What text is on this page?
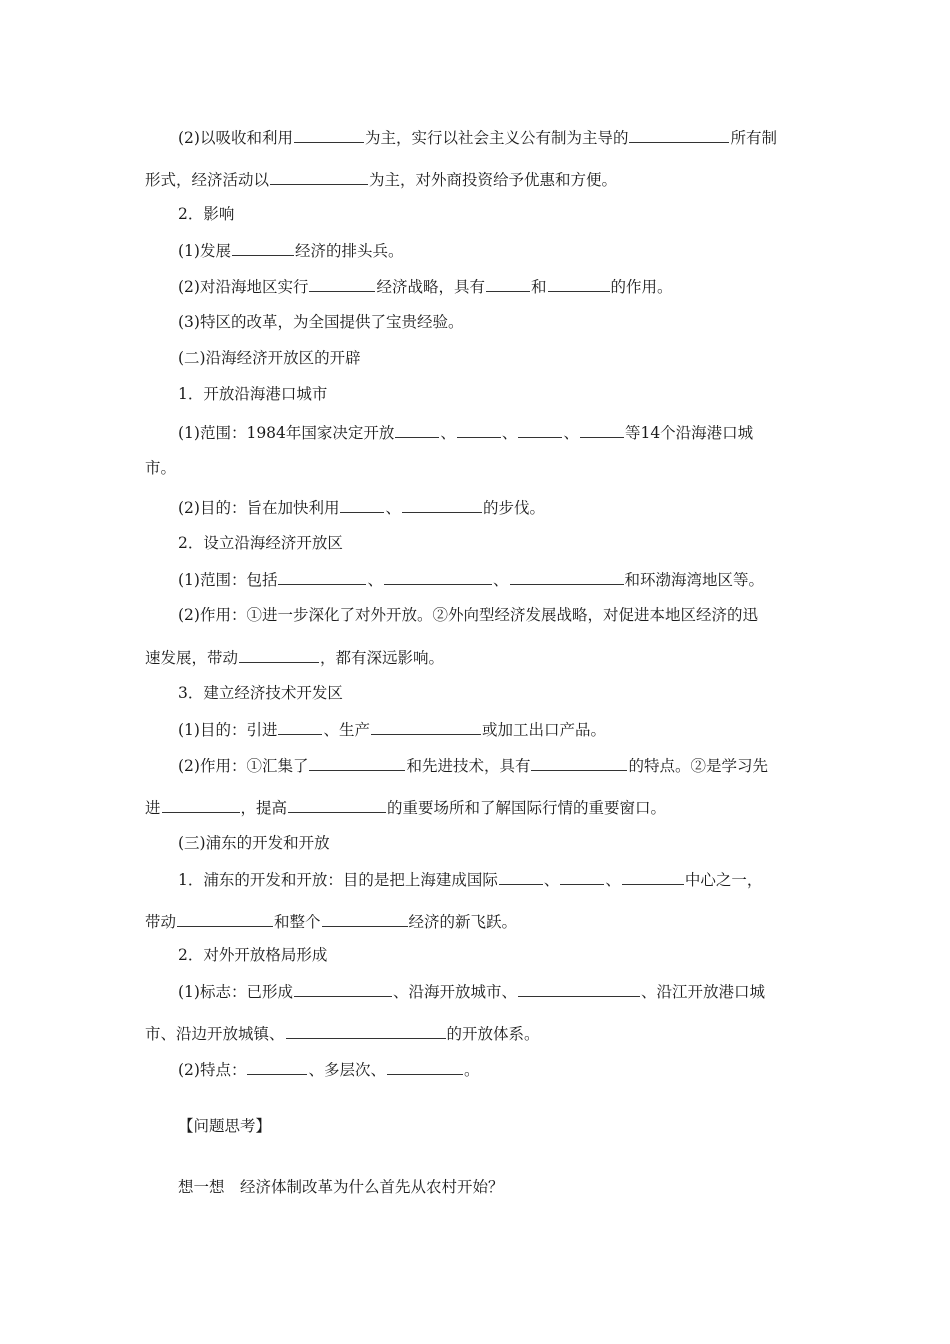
(2)以吸收和利用	为主，实行以社会主义公有制为主导的	所有制
形式，经济活动以	为主，对外商投资给予优惠和方便。
2．影响
(1)发展	经济的排头兵。
(2)对沿海地区实行	经济战略，具有	和	的作用。
(3)特区的改革，为全国提供了宝贵经验。
(二)沿海经济开放区的开辟
1．开放沿海港口城市
(1)范围：1984年国家决定开放	、	、	、	等14个沿海港口城
市。
(2)目的：旨在加快利用	、	的步伐。
2．设立沿海经济开放区
(1)范围：包括	、	、	和环渤海湾地区等。
(2)作用：①进一步深化了对外开放。②外向型经济发展战略，对促进本地区经济的迅
速发展，带动	，都有深远影响。
3．建立经济技术开发区
(1)目的：引进	、生产	或加工出口产品。
(2)作用：①汇集了	和先进技术，具有	的特点。②是学习先
进	，提高	的重要场所和了解国际行情的重要窗口。
(三)浦东的开发和开放
1．浦东的开发和开放：目的是把上海建成国际	、	、	中心之一，
带动	和整个	经济的新飞跃。
2．对外开放格局形成
(1)标志：已形成	、沿海开放城市、	、沿江开放港口城
市、沿边开放城镇、	的开放体系。
(2)特点：	、多层次、	。
【问题思考】
想一想　经济体制改革为什么首先从农村开始？
